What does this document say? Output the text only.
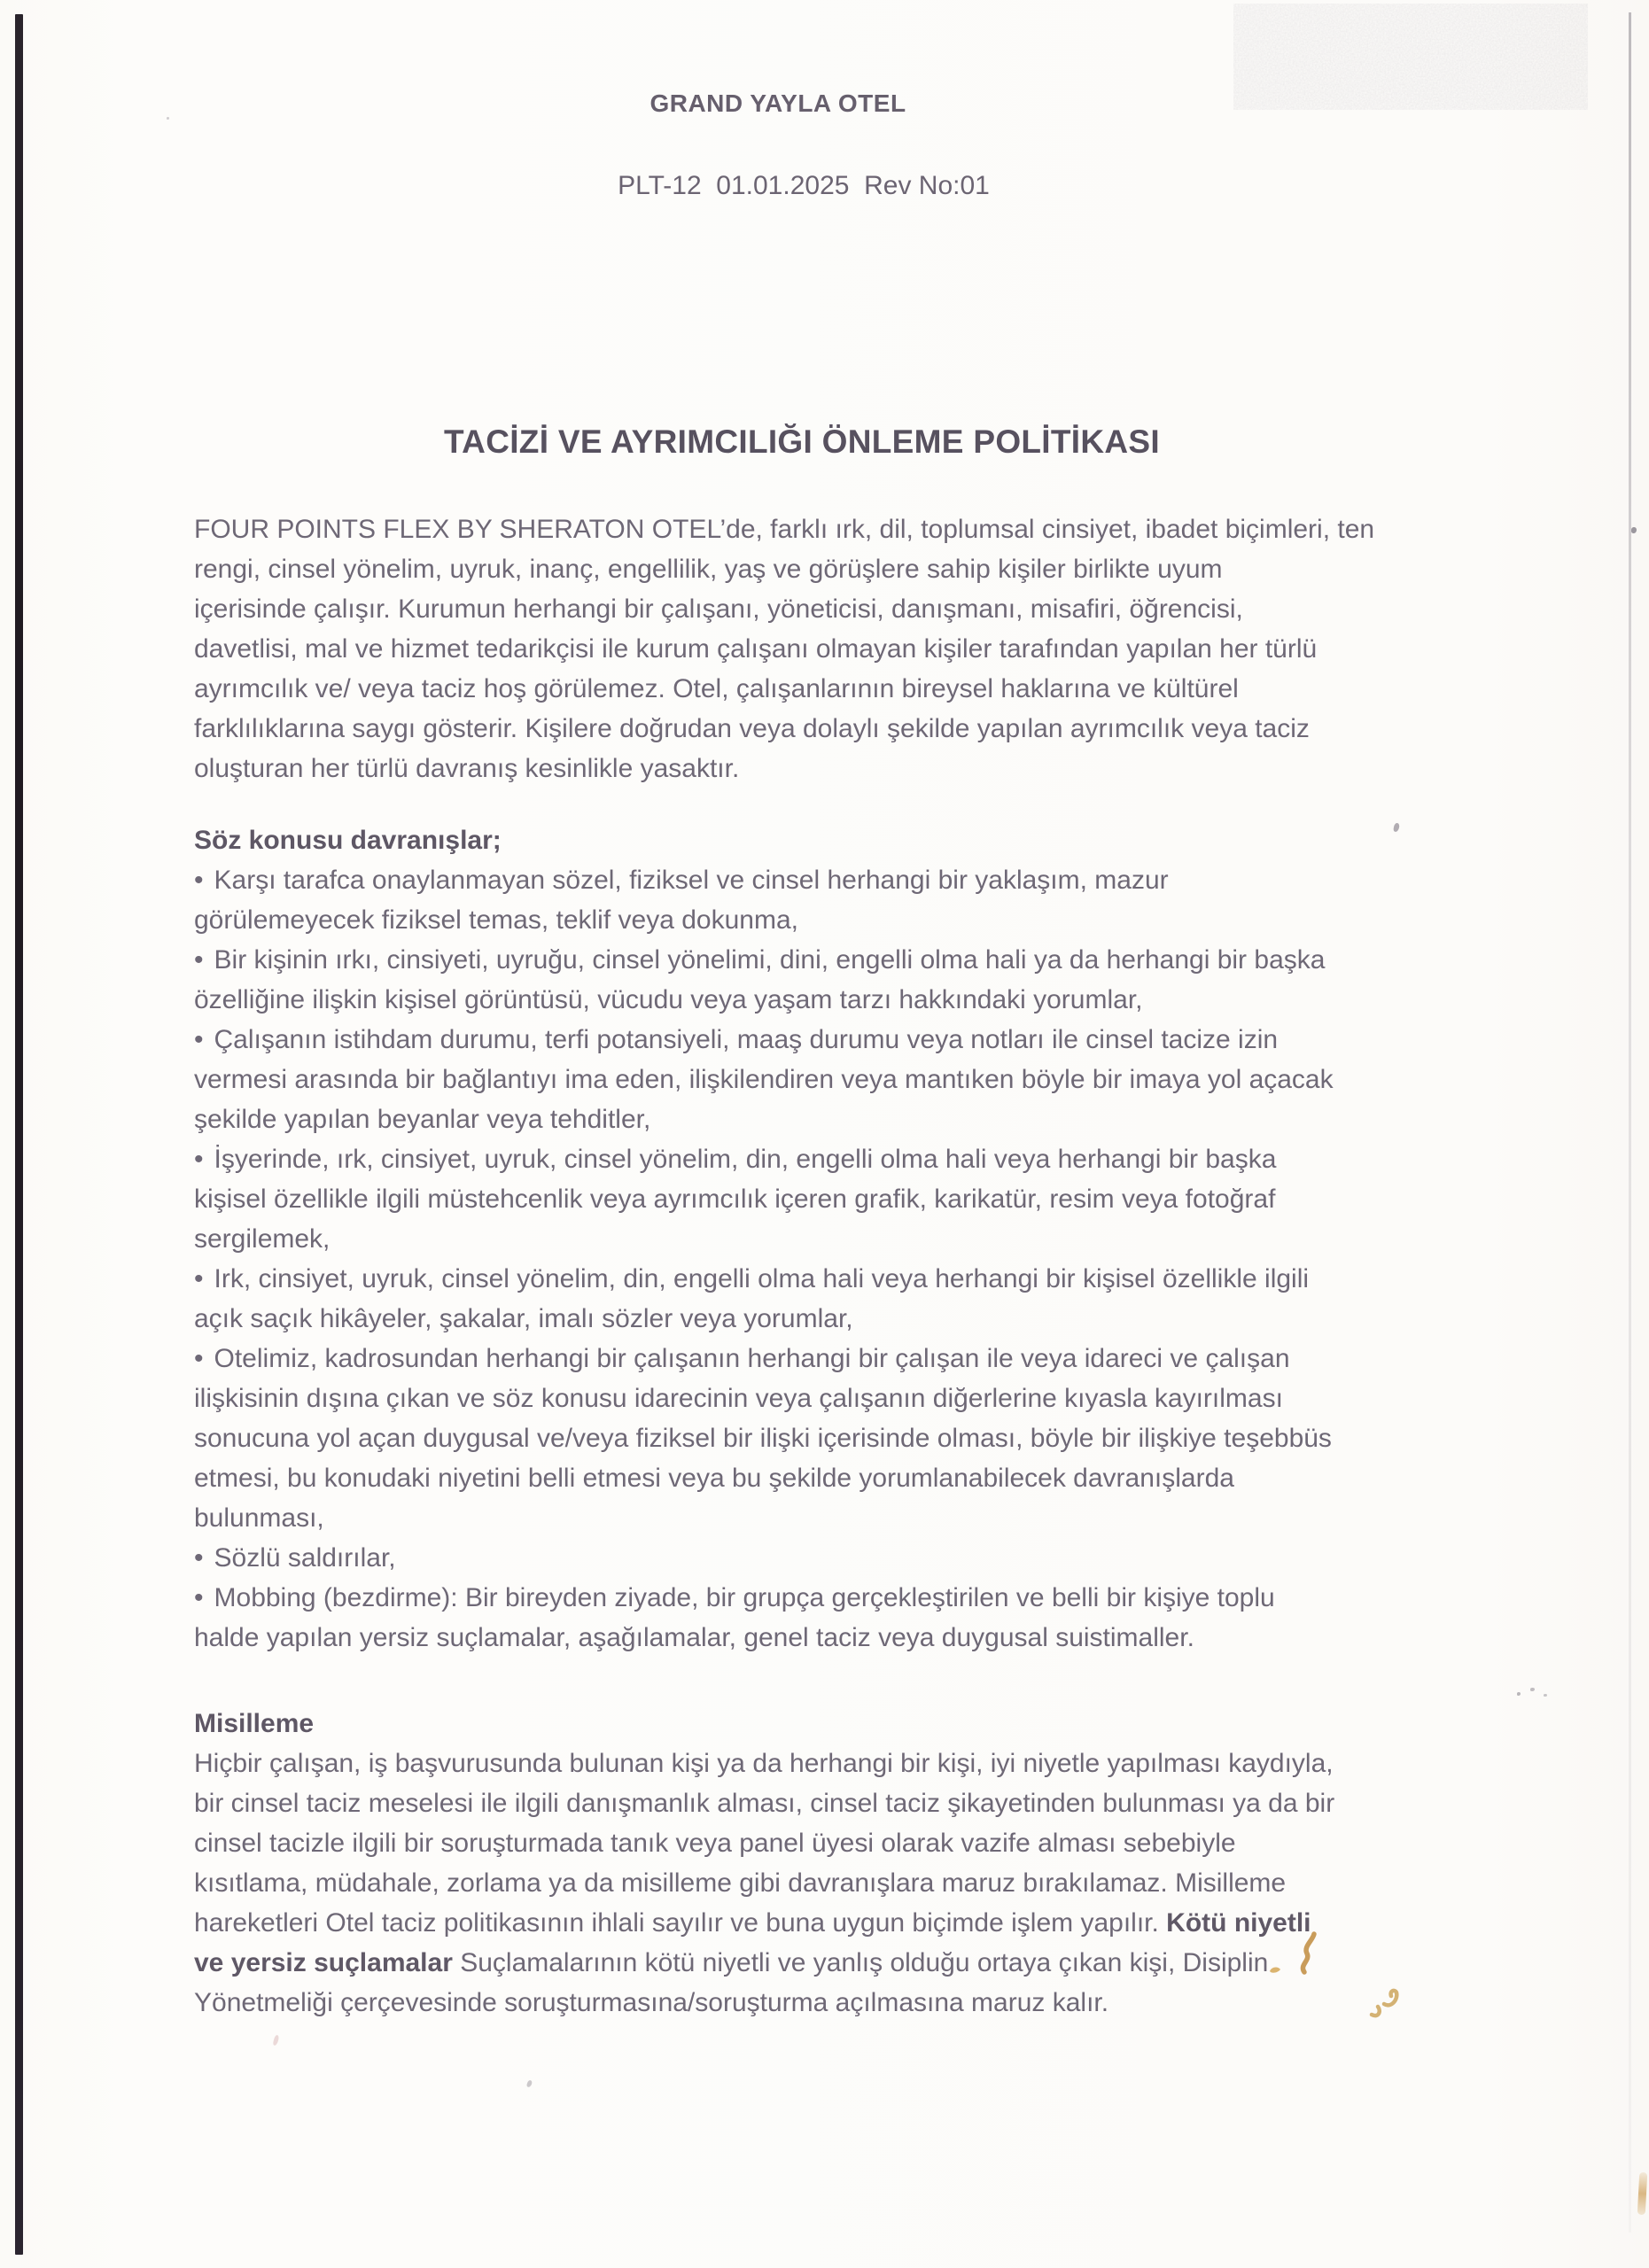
GRAND YAYLA OTEL
PLT-12  01.01.2025  Rev No:01
TACİZİ VE AYRIMCILIĞI ÖNLEME POLİTİKASI
FOUR POINTS FLEX BY SHERATON OTEL’de, farklı ırk, dil, toplumsal cinsiyet, ibadet biçimleri, ten
rengi, cinsel yönelim, uyruk, inanç, engellilik, yaş ve görüşlere sahip kişiler birlikte uyum
içerisinde çalışır. Kurumun herhangi bir çalışanı, yöneticisi, danışmanı, misafiri, öğrencisi,
davetlisi, mal ve hizmet tedarikçisi ile kurum çalışanı olmayan kişiler tarafından yapılan her türlü
ayrımcılık ve/ veya taciz hoş görülemez. Otel, çalışanlarının bireysel haklarına ve kültürel
farklılıklarına saygı gösterir. Kişilere doğrudan veya dolaylı şekilde yapılan ayrımcılık veya taciz
oluşturan her türlü davranış kesinlikle yasaktır.
Söz konusu davranışlar;
• Karşı tarafca onaylanmayan sözel, fiziksel ve cinsel herhangi bir yaklaşım, mazur
görülemeyecek fiziksel temas, teklif veya dokunma,
• Bir kişinin ırkı, cinsiyeti, uyruğu, cinsel yönelimi, dini, engelli olma hali ya da herhangi bir başka
özelliğine ilişkin kişisel görüntüsü, vücudu veya yaşam tarzı hakkındaki yorumlar,
• Çalışanın istihdam durumu, terfi potansiyeli, maaş durumu veya notları ile cinsel tacize izin
vermesi arasında bir bağlantıyı ima eden, ilişkilendiren veya mantıken böyle bir imaya yol açacak
şekilde yapılan beyanlar veya tehditler,
• İşyerinde, ırk, cinsiyet, uyruk, cinsel yönelim, din, engelli olma hali veya herhangi bir başka
kişisel özellikle ilgili müstehcenlik veya ayrımcılık içeren grafik, karikatür, resim veya fotoğraf
sergilemek,
• Irk, cinsiyet, uyruk, cinsel yönelim, din, engelli olma hali veya herhangi bir kişisel özellikle ilgili
açık saçık hikâyeler, şakalar, imalı sözler veya yorumlar,
• Otelimiz, kadrosundan herhangi bir çalışanın herhangi bir çalışan ile veya idareci ve çalışan
ilişkisinin dışına çıkan ve söz konusu idarecinin veya çalışanın diğerlerine kıyasla kayırılması
sonucuna yol açan duygusal ve/veya fiziksel bir ilişki içerisinde olması, böyle bir ilişkiye teşebbüs
etmesi, bu konudaki niyetini belli etmesi veya bu şekilde yorumlanabilecek davranışlarda
bulunması,
• Sözlü saldırılar,
• Mobbing (bezdirme): Bir bireyden ziyade, bir grupça gerçekleştirilen ve belli bir kişiye toplu
halde yapılan yersiz suçlamalar, aşağılamalar, genel taciz veya duygusal suistimaller.
Misilleme
Hiçbir çalışan, iş başvurusunda bulunan kişi ya da herhangi bir kişi, iyi niyetle yapılması kaydıyla,
bir cinsel taciz meselesi ile ilgili danışmanlık alması, cinsel taciz şikayetinden bulunması ya da bir
cinsel tacizle ilgili bir soruşturmada tanık veya panel üyesi olarak vazife alması sebebiyle
kısıtlama, müdahale, zorlama ya da misilleme gibi davranışlara maruz bırakılamaz. Misilleme
hareketleri Otel taciz politikasının ihlali sayılır ve buna uygun biçimde işlem yapılır. Kötü niyetli
ve yersiz suçlamalar Suçlamalarının kötü niyetli ve yanlış olduğu ortaya çıkan kişi, Disiplin
Yönetmeliği çerçevesinde soruşturmasına/soruşturma açılmasına maruz kalır.
